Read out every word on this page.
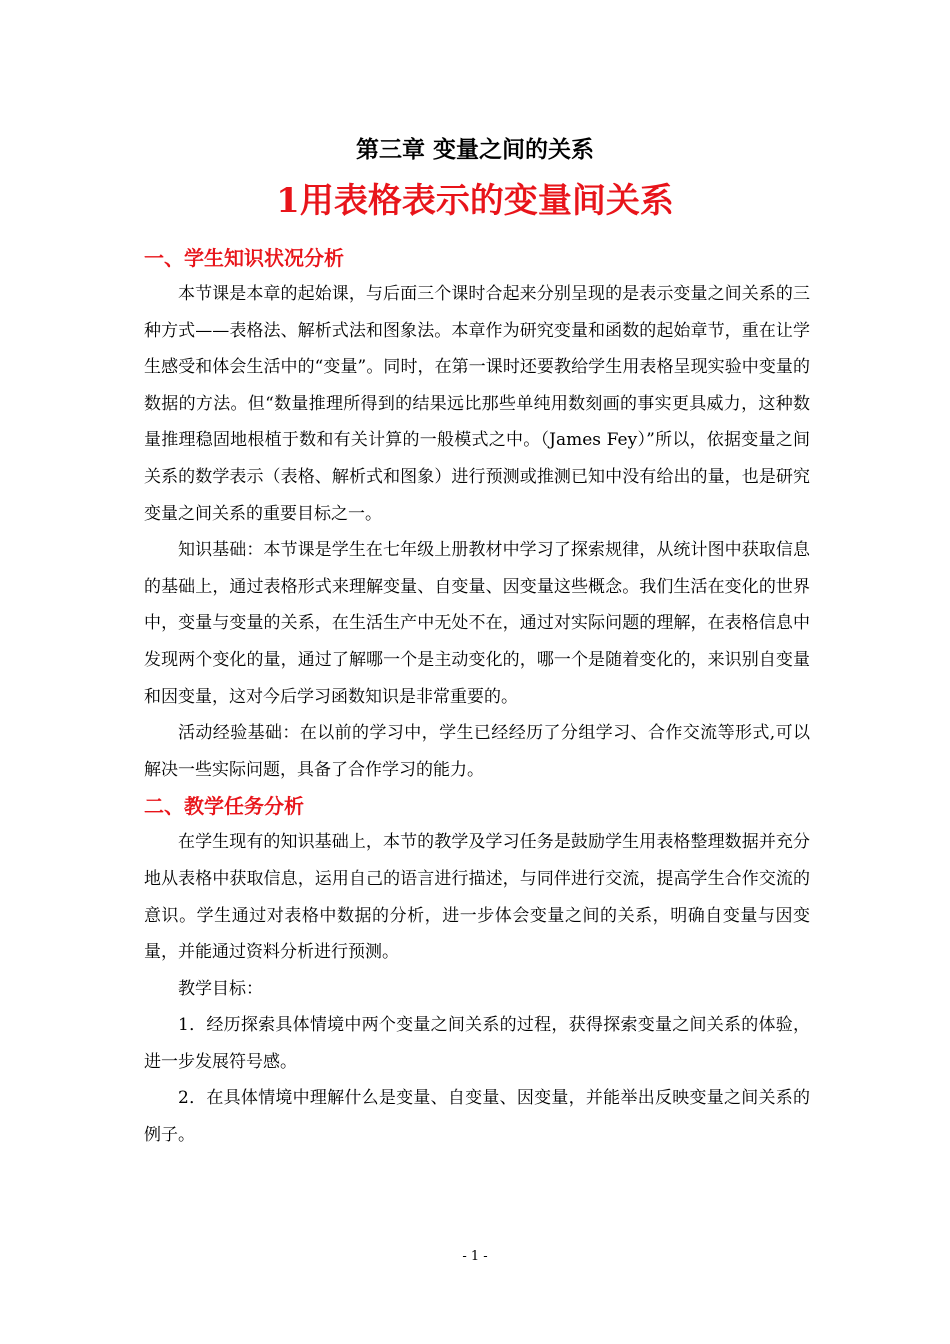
第三章 变量之间的关系
1用表格表示的变量间关系

一、学生知识状况分析

本节课是本章的起始课，与后面三个课时合起来分别呈现的是表示变量之间关系的三种方式——表格法、解析式法和图象法。本章作为研究变量和函数的起始章节，重在让学生感受和体会生活中的“变量”。同时，在第一课时还要教给学生用表格呈现实验中变量的数据的方法。但“数量推理所得到的结果远比那些单纯用数刻画的事实更具威力，这种数量推理稳固地根植于数和有关计算的一般模式之中。（James Fey）”所以，依据变量之间关系的数学表示（表格、解析式和图象）进行预测或推测已知中没有给出的量，也是研究变量之间关系的重要目标之一。

知识基础：本节课是学生在七年级上册教材中学习了探索规律，从统计图中获取信息的基础上，通过表格形式来理解变量、自变量、因变量这些概念。我们生活在变化的世界中，变量与变量的关系，在生活生产中无处不在，通过对实际问题的理解，在表格信息中发现两个变化的量，通过了解哪一个是主动变化的，哪一个是随着变化的，来识别自变量和因变量，这对今后学习函数知识是非常重要的。

活动经验基础：在以前的学习中，学生已经经历了分组学习、合作交流等形式,可以解决一些实际问题，具备了合作学习的能力。

二、教学任务分析

在学生现有的知识基础上，本节的教学及学习任务是鼓励学生用表格整理数据并充分地从表格中获取信息，运用自己的语言进行描述，与同伴进行交流，提高学生合作交流的意识。学生通过对表格中数据的分析，进一步体会变量之间的关系，明确自变量与因变量，并能通过资料分析进行预测。

教学目标：

1．经历探索具体情境中两个变量之间关系的过程，获得探索变量之间关系的体验，进一步发展符号感。

2．在具体情境中理解什么是变量、自变量、因变量，并能举出反映变量之间关系的例子。

- 1 -
